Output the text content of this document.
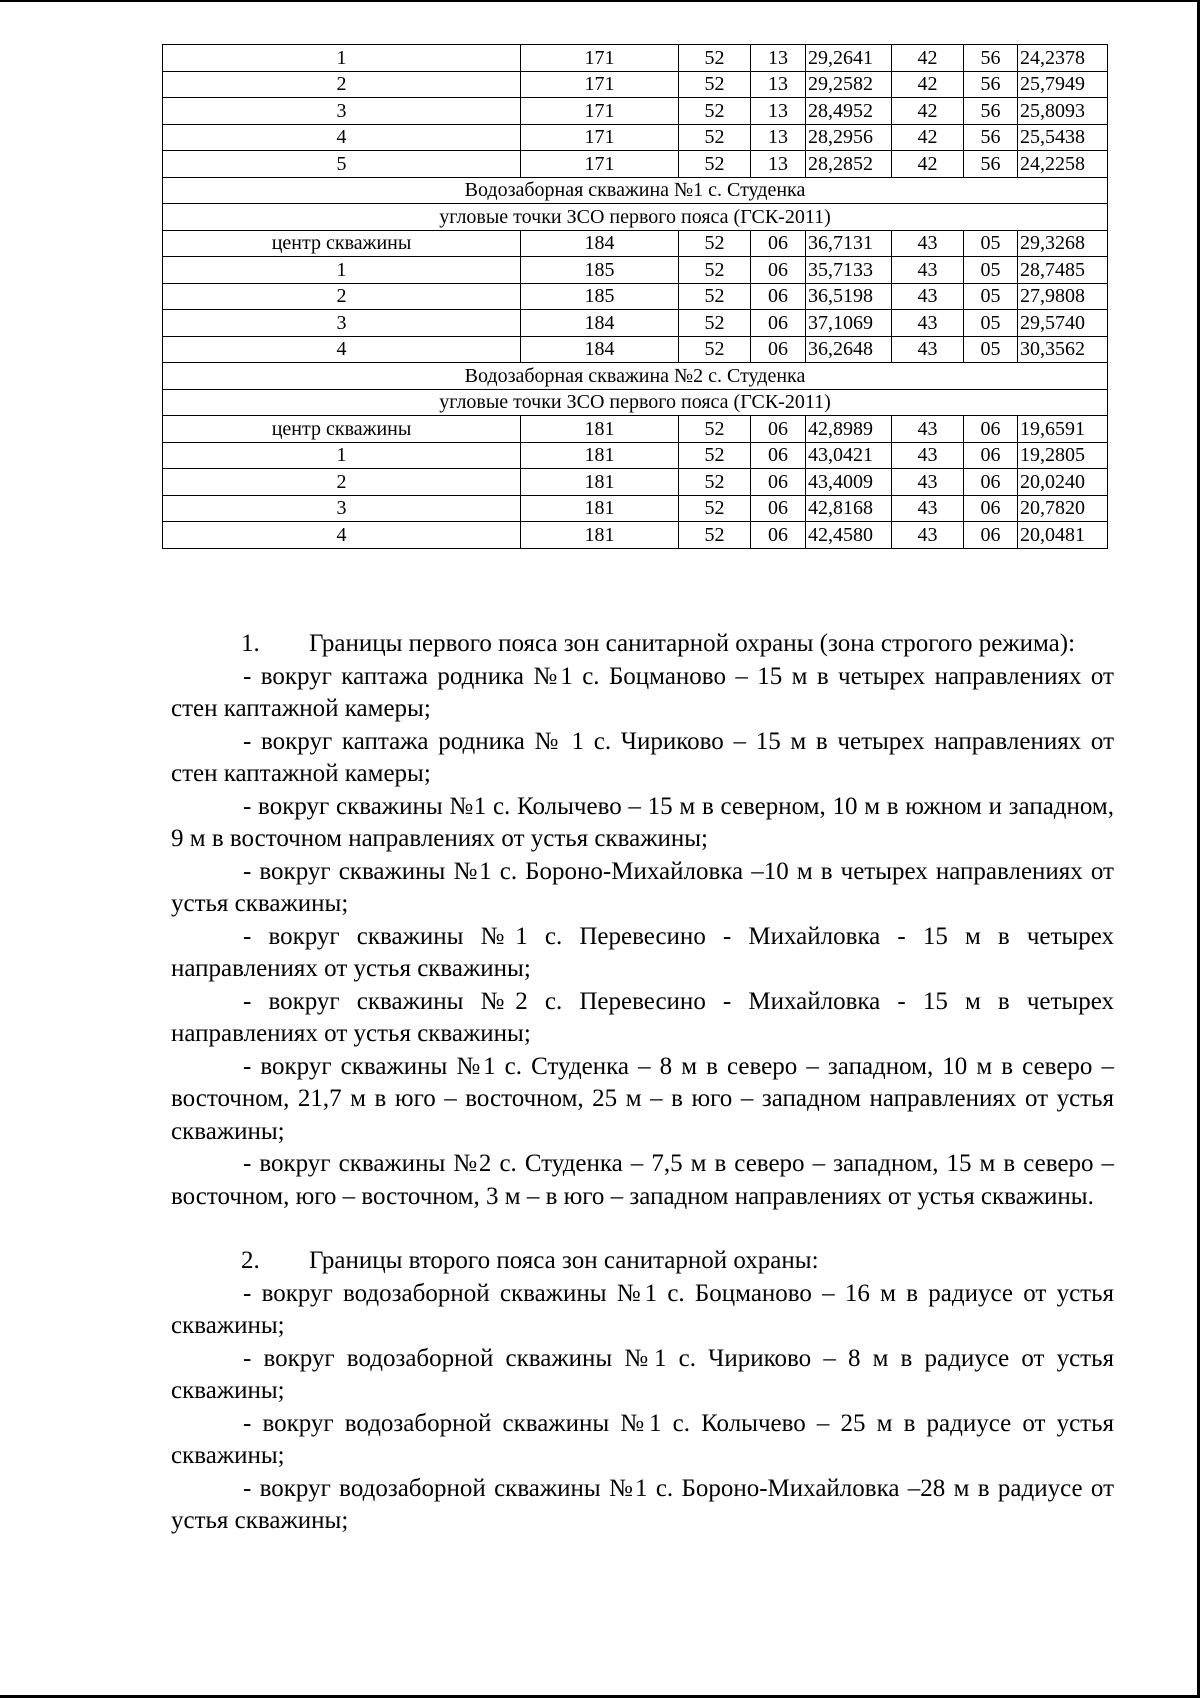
1	171	52	13	29,2641	42	56	24,2378
2	171	52	13	29,2582	42	56	25,7949
3	171	52	13	28,4952	42	56	25,8093
4	171	52	13	28,2956	42	56	25,5438
5	171	52	13	28,2852	42	56	24,2258
Водозаборная скважина №1 с. Студенка							
угловые точки ЗСО первого пояса (ГСК-2011)							
центр скважины	184	52	06	36,7131	43	05	29,3268
1	185	52	06	35,7133	43	05	28,7485
2	185	52	06	36,5198	43	05	27,9808
3	184	52	06	37,1069	43	05	29,5740
4	184	52	06	36,2648	43	05	30,3562
Водозаборная скважина №2 с. Студенка							
угловые точки ЗСО первого пояса (ГСК-2011)							
центр скважины	181	52	06	42,8989	43	06	19,6591
1	181	52	06	43,0421	43	06	19,2805
2	181	52	06	43,4009	43	06	20,0240
3	181	52	06	42,8168	43	06	20,7820
4	181	52	06	42,4580	43	06	20,0481

1. Границы первого пояса зон санитарной охраны (зона строгого режима):

- вокруг каптажа родника №1 с. Боцманово – 15 м в четырех направлениях от стен каптажной камеры;

- вокруг каптажа родника № 1 с. Чириково – 15 м в четырех направлениях от стен каптажной камеры;

- вокруг скважины №1 с. Колычево – 15 м в северном, 10 м в южном и западном, 9 м в восточном направлениях от устья скважины;

- вокруг скважины №1 с. Бороно-Михайловка –10 м в четырех направлениях от устья скважины;

- вокруг скважины №1 с. Перевесино - Михайловка - 15 м в четырех направлениях от устья скважины;

- вокруг скважины №2 с. Перевесино - Михайловка - 15 м в четырех направлениях от устья скважины;

- вокруг скважины №1 с. Студенка – 8 м в северо – западном, 10 м в северо – восточном, 21,7 м в юго – восточном, 25 м – в юго – западном направлениях от устья скважины;

- вокруг скважины №2 с. Студенка – 7,5 м в северо – западном, 15 м в северо – восточном, юго – восточном, 3 м – в юго – западном направлениях от устья скважины.

2. Границы второго пояса зон санитарной охраны:

- вокруг водозаборной скважины №1 с. Боцманово – 16 м в радиусе от устья скважины;

- вокруг водозаборной скважины №1 с. Чириково – 8 м в радиусе от устья скважины;

- вокруг водозаборной скважины №1 с. Колычево – 25 м в радиусе от устья скважины;

- вокруг водозаборной скважины №1 с. Бороно-Михайловка –28 м в радиусе от устья скважины;
